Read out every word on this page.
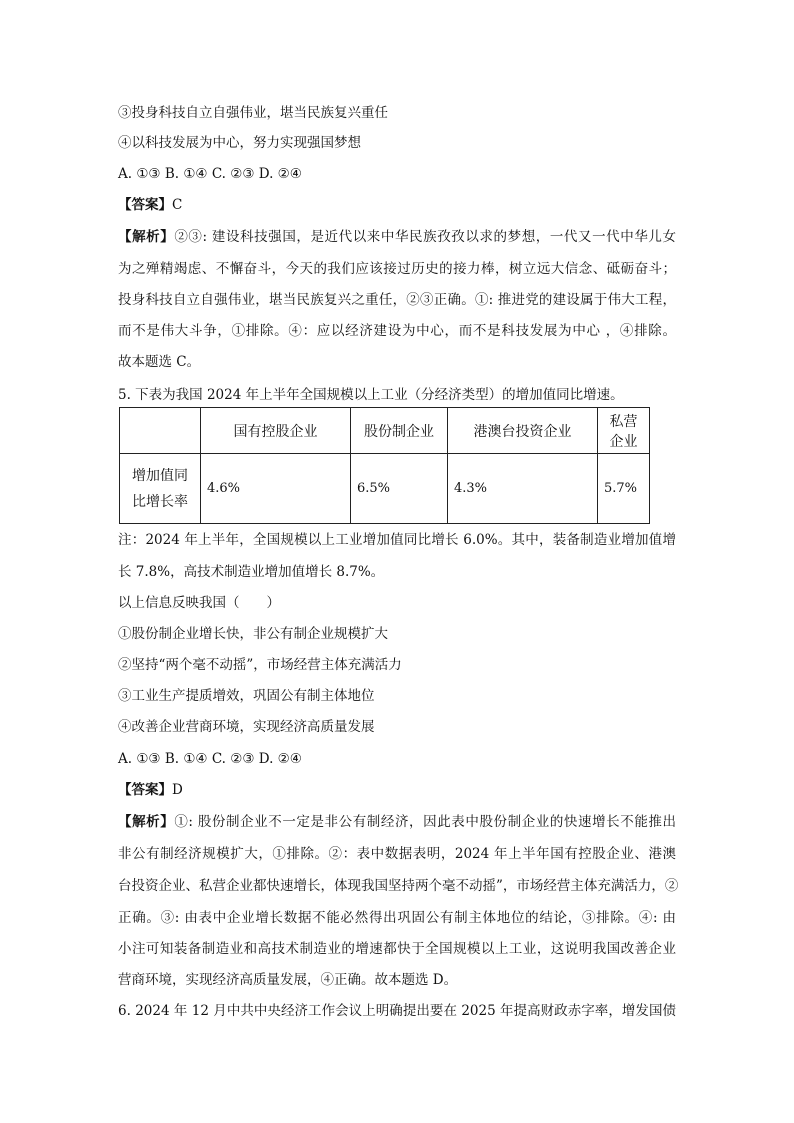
③投身科技自立自强伟业，堪当民族复兴重任
④以科技发展为中心，努力实现强国梦想
A. ①③ B. ①④ C. ②③ D. ②④
【答案】C
【解析】②③: 建设科技强国，是近代以来中华民族孜孜以求的梦想，一代又一代中华儿女
为之殚精竭虑、不懈奋斗，今天的我们应该接过历史的接力棒，树立远大信念、砥砺奋斗；
投身科技自立自强伟业，堪当民族复兴之重任，②③正确。①: 推进党的建设属于伟大工程，
而不是伟大斗争，①排除。④：应以经济建设为中心，而不是科技发展为中心 ，④排除。
故本题选 C。
5. 下表为我国 2024 年上半年全国规模以上工业（分经济类型）的增加值同比增速。
	国有控股企业	股份制企业	港澳台投资企业	私营企业
增加值同
比增长率	4.6%	6.5%	4.3%	5.7%
注：2024 年上半年，全国规模以上工业增加值同比增长 6.0%。其中，装备制造业增加值增
长 7.8%，高技术制造业增加值增长 8.7%。
以上信息反映我国（　　）
①股份制企业增长快，非公有制企业规模扩大
②坚持“两个毫不动摇”，市场经营主体充满活力
③工业生产提质增效，巩固公有制主体地位
④改善企业营商环境，实现经济高质量发展
A. ①③ B. ①④ C. ②③ D. ②④
【答案】D
【解析】①: 股份制企业不一定是非公有制经济，因此表中股份制企业的快速增长不能推出
非公有制经济规模扩大，①排除。②：表中数据表明，2024 年上半年国有控股企业、港澳
台投资企业、私营企业都快速增长，体现我国坚持两个毫不动摇”，市场经营主体充满活力，②
正确。③: 由表中企业增长数据不能必然得出巩固公有制主体地位的结论，③排除。④: 由
小注可知装备制造业和高技术制造业的增速都快于全国规模以上工业，这说明我国改善企业
营商环境，实现经济高质量发展，④正确。故本题选 D。
6. 2024 年 12 月中共中央经济工作会议上明确提出要在 2025 年提高财政赤字率，增发国债
